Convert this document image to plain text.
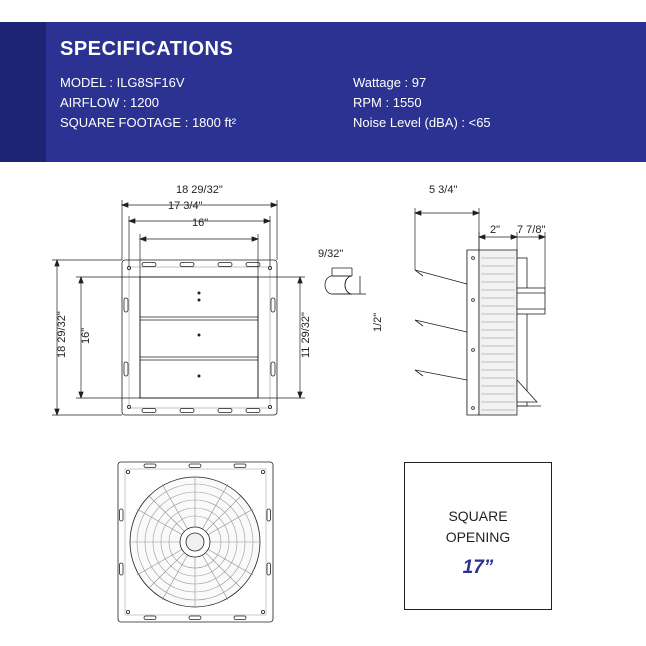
SPECIFICATIONS
MODEL : ILG8SF16V
AIRFLOW : 1200
SQUARE FOOTAGE : 1800 ft²
Wattage : 97
RPM : 1550
Noise Level (dBA) : <65
18 29/32"
17 3/4"
16"
18 29/32" 16"	11 29/32"
9/32"
1/2"
5 3/4"
2" 7 7/8"
SQUARE
OPENING
17”
